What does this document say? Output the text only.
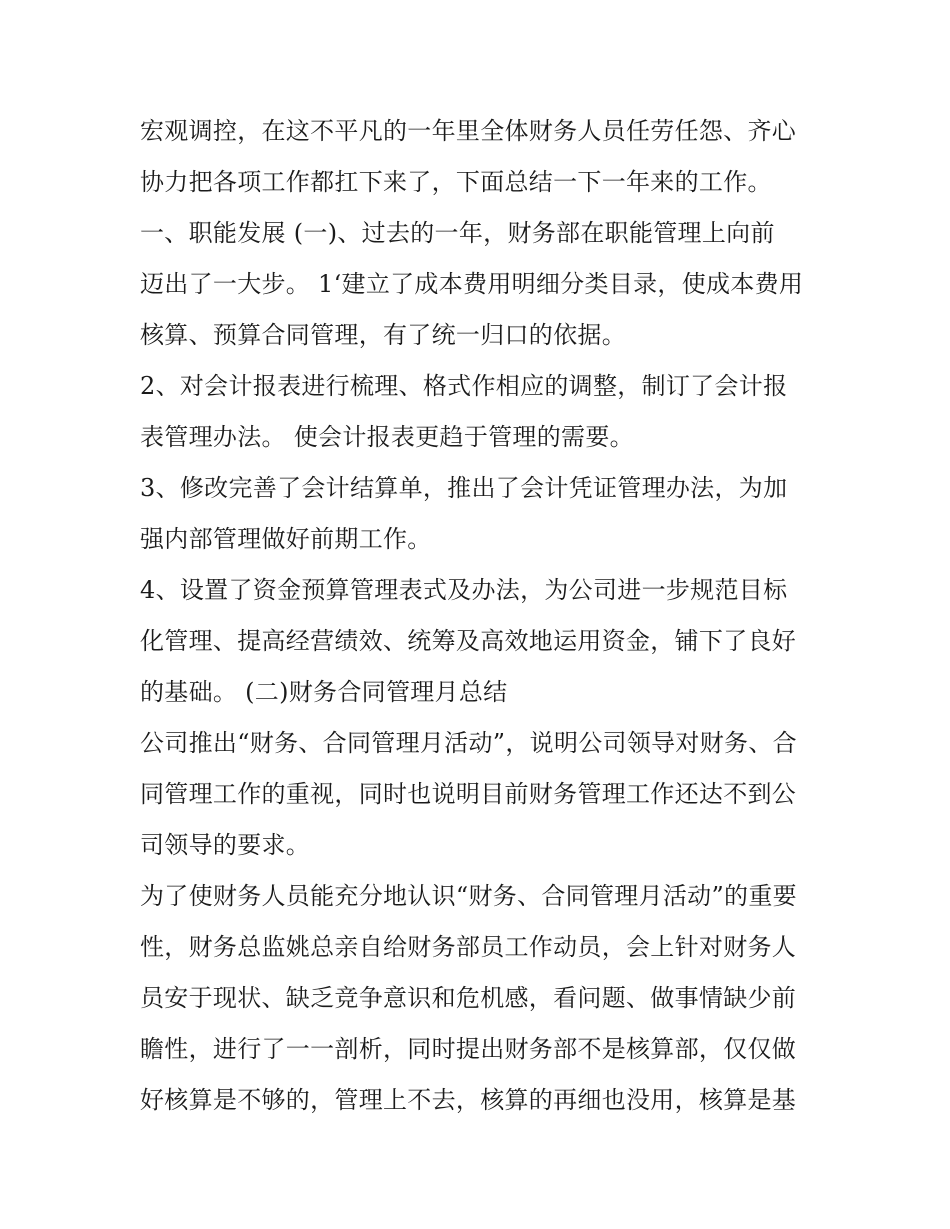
宏观调控，在这不平凡的一年里全体财务人员任劳任怨、齐心
协力把各项工作都扛下来了，下面总结一下一年来的工作。
一、职能发展 (一)、过去的一年，财务部在职能管理上向前
迈出了一大步。 1‘建立了成本费用明细分类目录，使成本费用
核算、预算合同管理，有了统一归口的依据。
2、对会计报表进行梳理、格式作相应的调整，制订了会计报
表管理办法。 使会计报表更趋于管理的需要。
3、修改完善了会计结算单，推出了会计凭证管理办法，为加
强内部管理做好前期工作。
4、设置了资金预算管理表式及办法，为公司进一步规范目标
化管理、提高经营绩效、统筹及高效地运用资金，铺下了良好
的基础。 (二)财务合同管理月总结
公司推出“财务、合同管理月活动”，说明公司领导对财务、合
同管理工作的重视，同时也说明目前财务管理工作还达不到公
司领导的要求。
为了使财务人员能充分地认识“财务、合同管理月活动”的重要
性，财务总监姚总亲自给财务部员工作动员，会上针对财务人
员安于现状、缺乏竞争意识和危机感，看问题、做事情缺少前
瞻性，进行了一一剖析，同时提出财务部不是核算部，仅仅做
好核算是不够的，管理上不去，核算的再细也没用，核算是基
